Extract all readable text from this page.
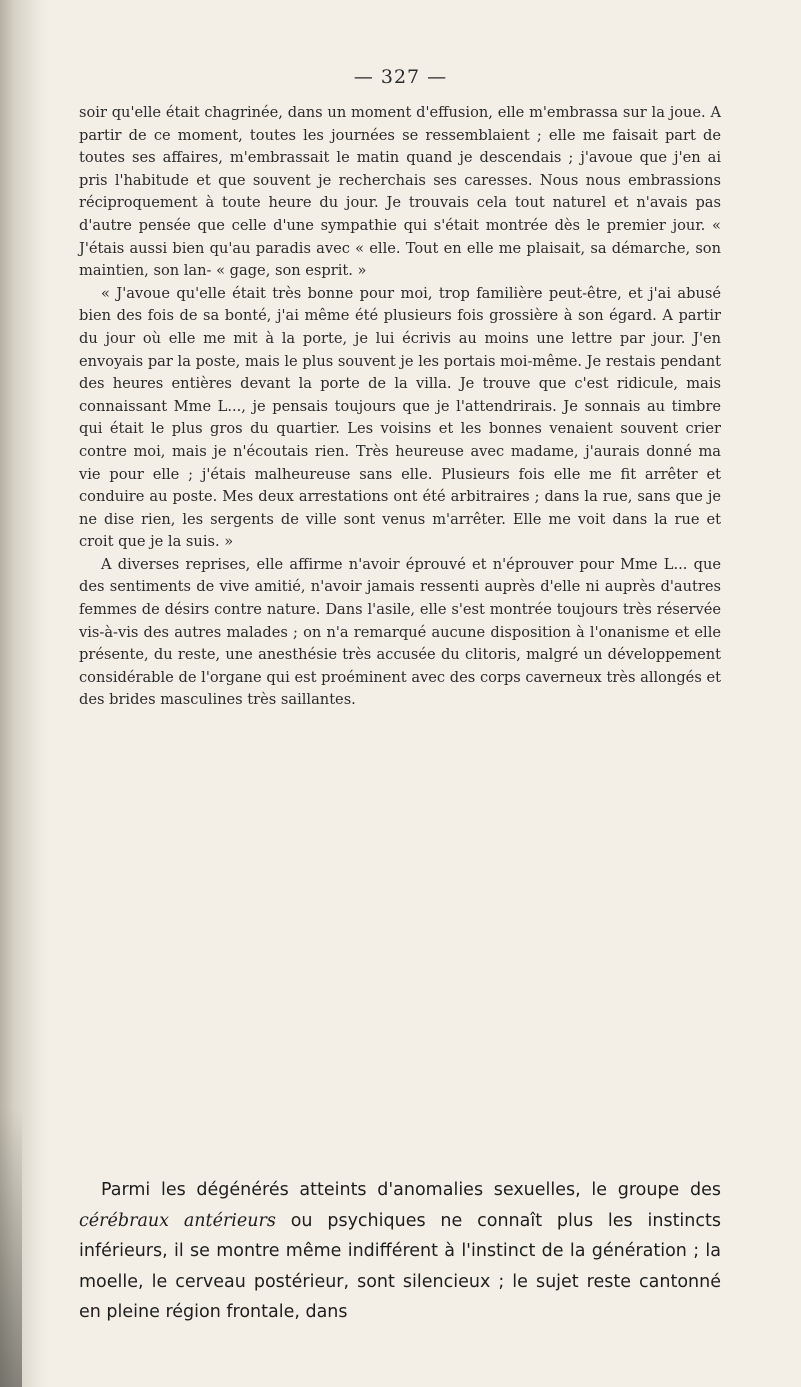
— 327 —

soir qu'elle était chagrinée, dans un moment d'effusion, elle m'embrassa sur la joue. A partir de ce moment, toutes les journées se ressemblaient ; elle me faisait part de toutes ses affaires, m'embrassait le matin quand je descendais ; j'avoue que j'en ai pris l'habitude et que souvent je recherchais ses caresses. Nous nous embrassions réciproquement à toute heure du jour. Je trouvais cela tout naturel et n'avais pas d'autre pensée que celle d'une sympathie qui s'était montrée dès le premier jour. « J'étais aussi bien qu'au paradis avec « elle. Tout en elle me plaisait, sa démarche, son maintien, son lan- « gage, son esprit. »

« J'avoue qu'elle était très bonne pour moi, trop familière peut-être, et j'ai abusé bien des fois de sa bonté, j'ai même été plusieurs fois grossière à son égard. A partir du jour où elle me mit à la porte, je lui écrivis au moins une lettre par jour. J'en envoyais par la poste, mais le plus souvent je les portais moi-même. Je restais pendant des heures entières devant la porte de la villa. Je trouve que c'est ridicule, mais connaissant Mme L..., je pensais toujours que je l'attendrirais. Je sonnais au timbre qui était le plus gros du quartier. Les voisins et les bonnes venaient souvent crier contre moi, mais je n'écoutais rien. Très heureuse avec madame, j'aurais donné ma vie pour elle ; j'étais malheureuse sans elle. Plusieurs fois elle me fit arrêter et conduire au poste. Mes deux arrestations ont été arbitraires ; dans la rue, sans que je ne dise rien, les sergents de ville sont venus m'arrêter. Elle me voit dans la rue et croit que je la suis. »

A diverses reprises, elle affirme n'avoir éprouvé et n'éprouver pour Mme L... que des sentiments de vive amitié, n'avoir jamais ressenti auprès d'elle ni auprès d'autres femmes de désirs contre nature. Dans l'asile, elle s'est montrée toujours très réservée vis-à-vis des autres malades ; on n'a remarqué aucune disposition à l'onanisme et elle présente, du reste, une anesthésie très accusée du clitoris, malgré un développement considérable de l'organe qui est proéminent avec des corps caverneux très allongés et des brides masculines très saillantes.

Parmi les dégénérés atteints d'anomalies sexuelles, le groupe des cérébraux antérieurs ou psychiques ne connaît plus les instincts inférieurs, il se montre même indifférent à l'instinct de la génération ; la moelle, le cerveau postérieur, sont silencieux ; le sujet reste cantonné en pleine région frontale, dans
